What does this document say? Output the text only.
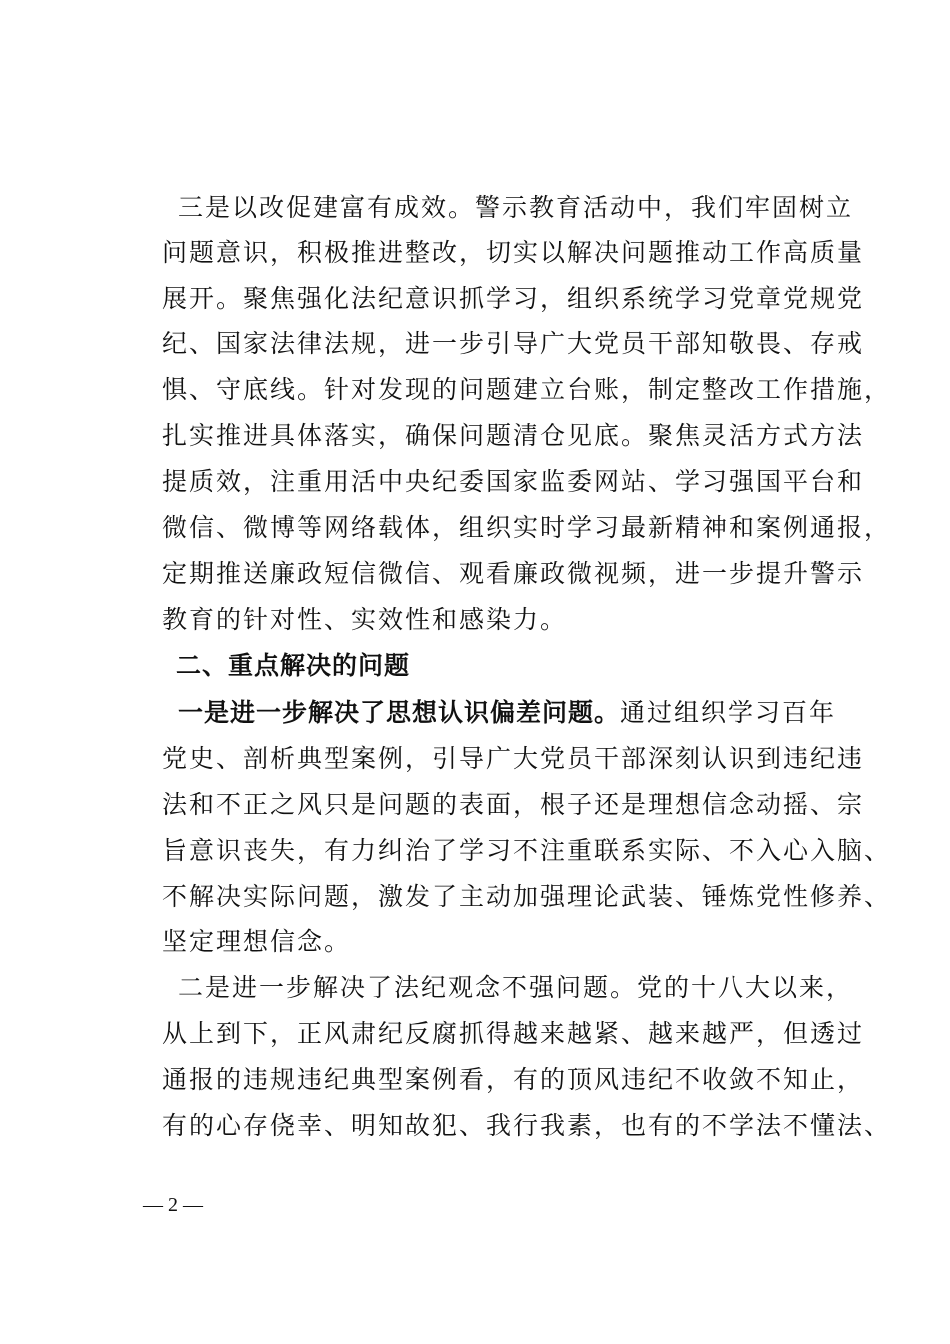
三是以改促建富有成效。警示教育活动中，我们牢固树立
问题意识，积极推进整改，切实以解决问题推动工作高质量
展开。聚焦强化法纪意识抓学习，组织系统学习党章党规党
纪、国家法律法规，进一步引导广大党员干部知敬畏、存戒
惧、守底线。针对发现的问题建立台账，制定整改工作措施，
扎实推进具体落实，确保问题清仓见底。聚焦灵活方式方法
提质效，注重用活中央纪委国家监委网站、学习强国平台和
微信、微博等网络载体，组织实时学习最新精神和案例通报，
定期推送廉政短信微信、观看廉政微视频，进一步提升警示
教育的针对性、实效性和感染力。
二、重点解决的问题
一是进一步解决了思想认识偏差问题。通过组织学习百年
党史、剖析典型案例，引导广大党员干部深刻认识到违纪违
法和不正之风只是问题的表面，根子还是理想信念动摇、宗
旨意识丧失，有力纠治了学习不注重联系实际、不入心入脑、
不解决实际问题，激发了主动加强理论武装、锤炼党性修养、
坚定理想信念。
二是进一步解决了法纪观念不强问题。党的十八大以来，
从上到下，正风肃纪反腐抓得越来越紧、越来越严，但透过
通报的违规违纪典型案例看，有的顶风违纪不收敛不知止，
有的心存侥幸、明知故犯、我行我素，也有的不学法不懂法、
— 2 —
